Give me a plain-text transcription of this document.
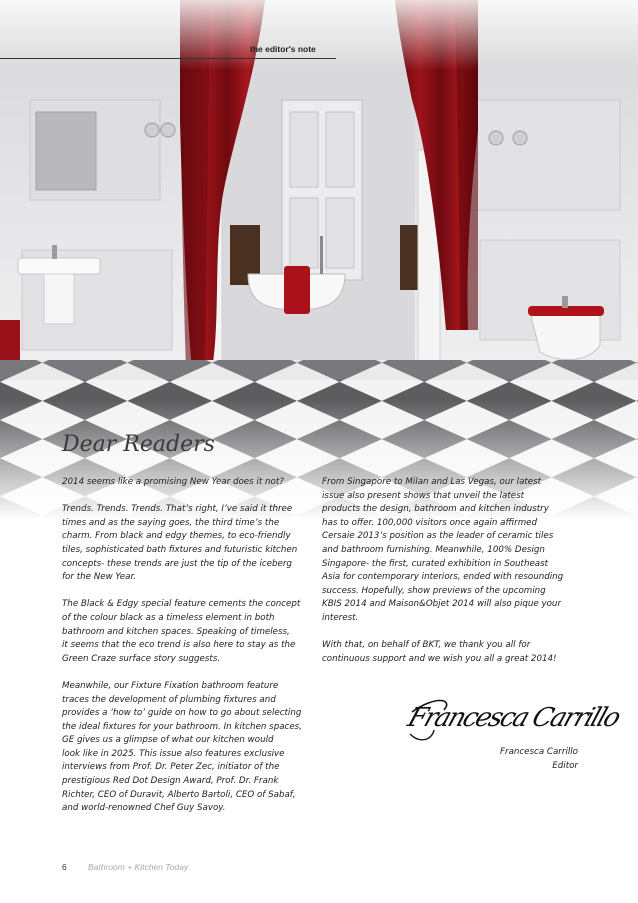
the editor's note
Dear Readers

2014 seems like a promising New Year does it not?

Trends. Trends. Trends. That’s right, I’ve said it three
times and as the saying goes, the third time’s the
charm. From black and edgy themes, to eco-friendly
tiles, sophisticated bath fixtures and futuristic kitchen
concepts- these trends are just the tip of the iceberg
for the New Year.

The Black & Edgy special feature cements the concept
of the colour black as a timeless element in both
bathroom and kitchen spaces. Speaking of timeless,
it seems that the eco trend is also here to stay as the
Green Craze surface story suggests.

Meanwhile, our Fixture Fixation bathroom feature
traces the development of plumbing fixtures and
provides a ‘how to’ guide on how to go about selecting
the ideal fixtures for your bathroom. In kitchen spaces,
GE gives us a glimpse of what our kitchen would
look like in 2025. This issue also features exclusive
interviews from Prof. Dr. Peter Zec, initiator of the
prestigious Red Dot Design Award, Prof. Dr. Frank
Richter, CEO of Duravit, Alberto Bartoli, CEO of Sabaf,
and world-renowned Chef Guy Savoy.

From Singapore to Milan and Las Vegas, our latest
issue also present shows that unveil the latest
products the design, bathroom and kitchen industry
has to offer. 100,000 visitors once again affirmed
Cersaie 2013’s position as the leader of ceramic tiles
and bathroom furnishing. Meanwhile, 100% Design
Singapore- the first, curated exhibition in Southeast
Asia for contemporary interiors, ended with resounding
success. Hopefully, show previews of the upcoming
KBIS 2014 and Maison&Objet 2014 will also pique your
interest.

With that, on behalf of BKT, we thank you all for
continuous support and we wish you all a great 2014!

Francesca Carrillo
Francesca Carrillo
Editor
6	Bathroom + Kitchen Today
